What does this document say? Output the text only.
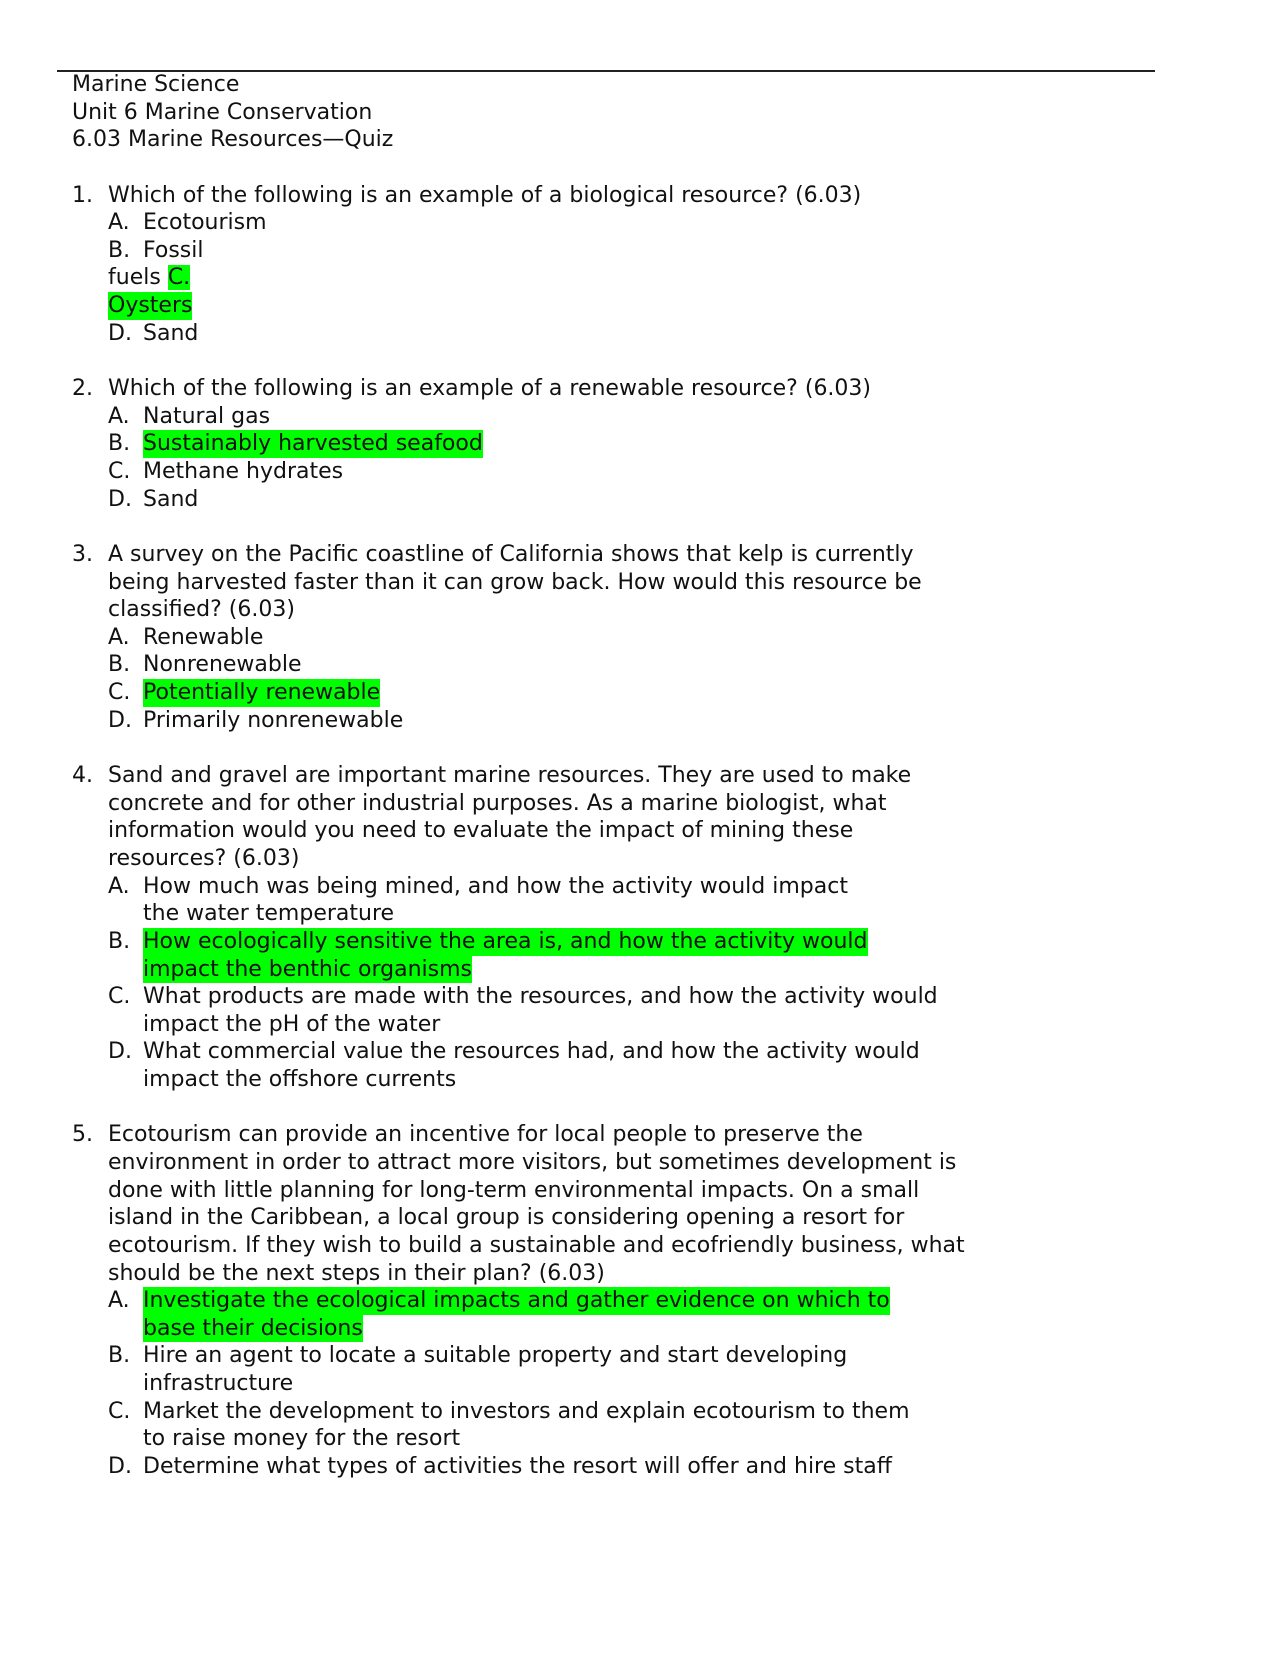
Marine Science
Unit 6 Marine Conservation
6.03 Marine Resources—Quiz
1. Which of the following is an example of a biological resource? (6.03)
A. Ecotourism
B. Fossil
fuels C.
Oysters
D. Sand
2. Which of the following is an example of a renewable resource? (6.03)
A. Natural gas
B. Sustainably harvested seafood
C. Methane hydrates
D. Sand
3. A survey on the Pacific coastline of California shows that kelp is currently
being harvested faster than it can grow back. How would this resource be
classified? (6.03)
A. Renewable
B. Nonrenewable
C. Potentially renewable
D. Primarily nonrenewable
4. Sand and gravel are important marine resources. They are used to make
concrete and for other industrial purposes. As a marine biologist, what
information would you need to evaluate the impact of mining these
resources? (6.03)
A. How much was being mined, and how the activity would impact
the water temperature
B. How ecologically sensitive the area is, and how the activity would
impact the benthic organisms
C. What products are made with the resources, and how the activity would
impact the pH of the water
D. What commercial value the resources had, and how the activity would
impact the offshore currents
5. Ecotourism can provide an incentive for local people to preserve the
environment in order to attract more visitors, but sometimes development is
done with little planning for long-term environmental impacts. On a small
island in the Caribbean, a local group is considering opening a resort for
ecotourism. If they wish to build a sustainable and ecofriendly business, what
should be the next steps in their plan? (6.03)
A. Investigate the ecological impacts and gather evidence on which to
base their decisions
B. Hire an agent to locate a suitable property and start developing
infrastructure
C. Market the development to investors and explain ecotourism to them
to raise money for the resort
D. Determine what types of activities the resort will offer and hire staff
